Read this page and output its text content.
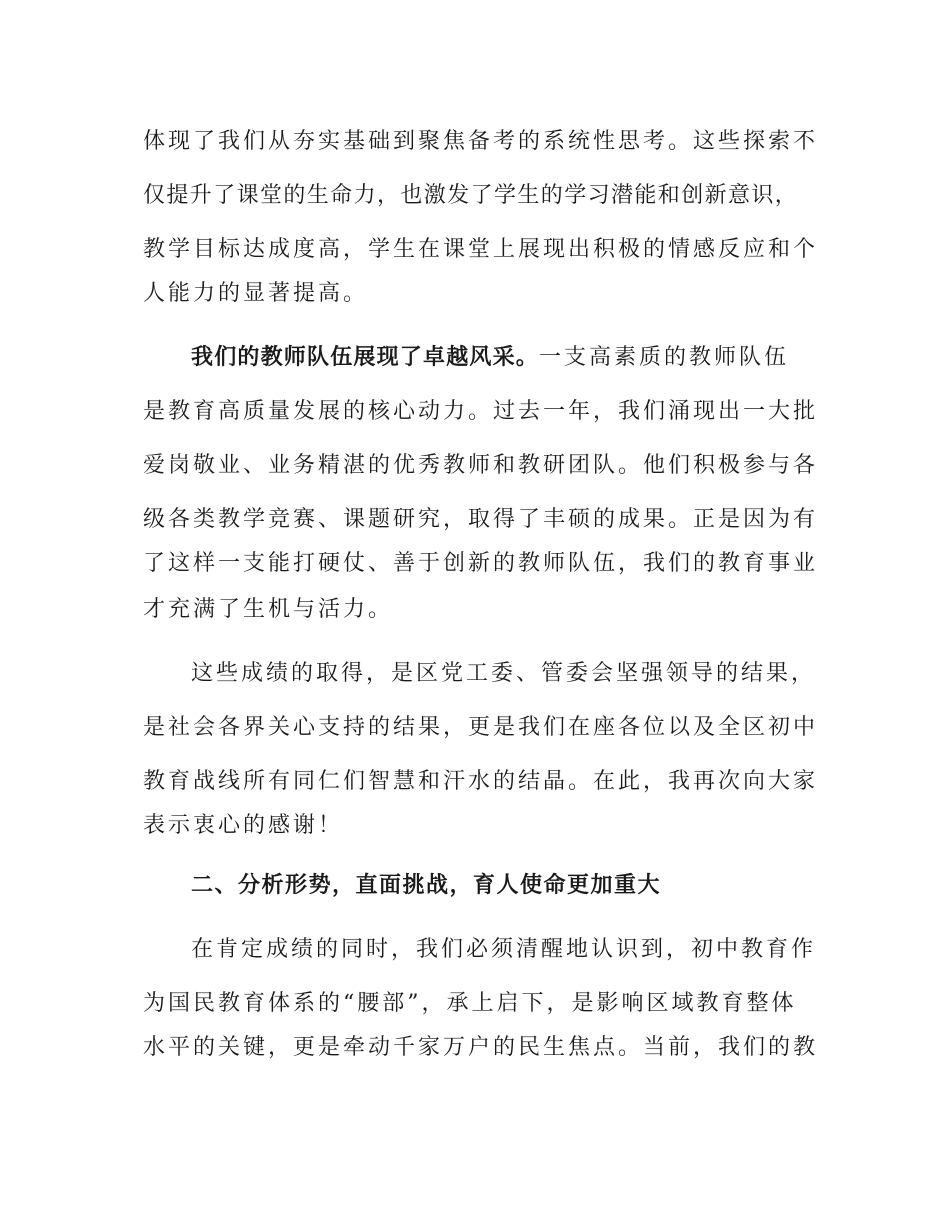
体现了我们从夯实基础到聚焦备考的系统性思考。这些探索不
仅提升了课堂的生命力，也激发了学生的学习潜能和创新意识，
教学目标达成度高，学生在课堂上展现出积极的情感反应和个
人能力的显著提高。
我们的教师队伍展现了卓越风采。一支高素质的教师队伍
是教育高质量发展的核心动力。过去一年，我们涌现出一大批
爱岗敬业、业务精湛的优秀教师和教研团队。他们积极参与各
级各类教学竞赛、课题研究，取得了丰硕的成果。正是因为有
了这样一支能打硬仗、善于创新的教师队伍，我们的教育事业
才充满了生机与活力。
这些成绩的取得，是区党工委、管委会坚强领导的结果，
是社会各界关心支持的结果，更是我们在座各位以及全区初中
教育战线所有同仁们智慧和汗水的结晶。在此，我再次向大家
表示衷心的感谢！
二、分析形势，直面挑战，育人使命更加重大
在肯定成绩的同时，我们必须清醒地认识到，初中教育作
为国民教育体系的“腰部”，承上启下，是影响区域教育整体
水平的关键，更是牵动千家万户的民生焦点。当前，我们的教
